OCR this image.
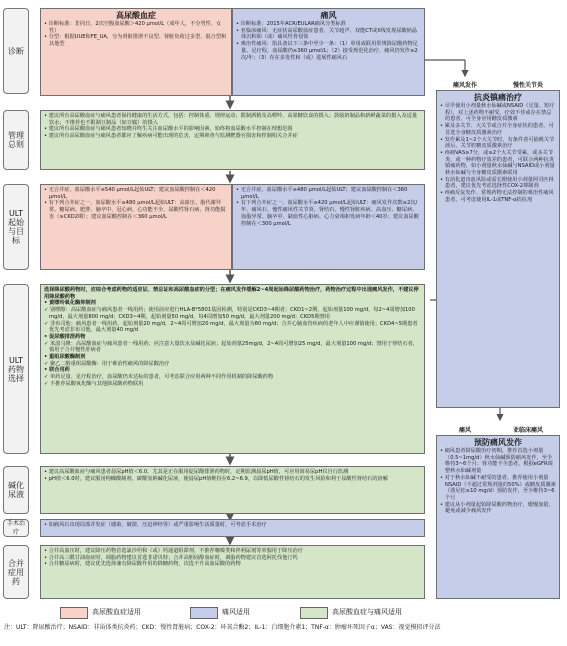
诊断
管理总则
ULT起始与目标
ULT药物选择
碱化尿液
手术治疗
合并症用药
高尿酸血症
• 诊断标准：非同日，2次空腹血尿酸＞420 μmol/L（成年人，不分男性、女性）
• 分型：根据UUE和FE_UA，分为肾脏排泄不良型、肾脏负荷过多型、混合型和其他型
痛风
• 诊断标准：2015年ACR/EULAR痛风分类标准
• 亚临床痛风：无症状高尿酸血症患者，关节超声、双能CT或X线发现尿酸钠晶体沉积和（或）痛风性骨侵蚀
• 难治性痛风：指具备以下三条中至少一条：（1）单用或联用常规降尿酸药物足量、足疗程，血尿酸仍≥360 μmol/L；（2）接受规范化治疗，痛风仍发作≥2次/年；（3）存在多发性和（或）进展性痛风石
• 建议所有高尿酸血症与痛风患者保持健康的生活方式，包括：控制体重、规律运动；限制酒精及高嘌呤、高果糖饮食的摄入；鼓励奶制品和新鲜蔬菜的摄入及适量饮水；不推荐也不限制豆制品（如豆腐）的摄入
• 建议所有高尿酸血症与痛风患者知晓并终生关注血尿酸水平的影响因素，始终将血尿酸水平控制在理想范围
• 建议所有高尿酸血症与痛风患者都应了解疾病可能出现的危害，定期筛查与监测靶器官损害和控制相关合并症
• 无合并症，血尿酸水平≥540 μmol/L起始ULT；建议血尿酸控制在＜420 μmol/L
• 有下列合并症之一，血尿酸水平≥480 μmol/L起始ULT：高血压、脂代谢异常、糖尿病、肥胖、脑卒中、冠心病、心功能不全、尿酸性肾石病、肾功能损害（≥CKD2期）；建议血尿酸控制在＜360 μmol/L
• 无合并症，血尿酸水平≥480 μmol/L起始ULT；建议血尿酸控制在＜360 μmol/L
• 有下列合并症之一，血尿酸水平≥420 μmol/L起始ULT：痛风发作次数≥2次/年、痛风石、慢性痛风性关节炎、肾结石、慢性肾脏疾病、高血压、糖尿病、血脂异常、脑卒中、缺血性心脏病、心力衰竭和发病年龄＜40岁；建议血尿酸控制在＜300 μmol/L
选择降尿酸药物时，应综合考虑药物的适应证、禁忌证和高尿酸血症的分型；在痛风发作缓解2~4周起始降尿酸药物治疗，药物治疗过程中出现痛风发作，不建议停用降尿酸药物
• 黄嘌呤氧化酶抑制剂
✓ 别嘌醇：高尿酸血症与痛风患者一线用药；使用前应进行HLA-B*5801基因检测，特别是CKD3~4期者；CKD1~2期，起始剂量100 mg/d，每2~4周增加100 mg/d，最大剂量800 mg/d；CKD3~4期，起始剂量50 mg/d，每4周增加50 mg/d，最大剂量200 mg/d；CKD5期禁用
✓ 非布司他：痛风患者一线用药，起始剂量20 mg/d，2~4周可增加20 mg/d，最大剂量为80 mg/d；合并心脑血管疾病的老年人中应谨慎使用；CKD4~5期患者优先考虑非布司他，最大剂量40 mg/d
• 促尿酸排泄药物
✓ 苯溴马隆：高尿酸血症与痛风患者一线用药；应注意大量饮水及碱化尿液；起始剂量25mg/d，2~4周可增加25 mg/d，最大剂量100 mg/d；禁用于肾结石者，慎用于合并慢性肝病者
• 重组尿酸酶制剂
✓ 聚乙二醇重组尿酸酶：用于难治性痛风的降尿酸治疗
• 联合用药
✓ 单药足量、足疗程治疗，血尿酸仍未达标的患者，可考虑联合应用两种不同作用机制的降尿酸药物
✓ 不推荐尿酸氧化酶与其他降尿酸药物联用
• 建议高尿酸血症与痛风患者晨尿pH值＜6.0，尤其是正在服用促尿酸排泄药物时，定期监测晨尿pH值，可应用简易尿pH仪自行监测
• pH值＜6.0时，建议服用枸橼酸制剂、碳酸氢钠碱化尿液，使晨尿pH值维持在6.2~6.9，以降低尿酸性肾结石的发生风险和利于尿酸性肾结石的溶解
• 如痛风石出现局部并发症（感染、破溃、压迫神经等）或严重影响生活质量时，可考虑手术治疗
• 合并高血压时，建议降压药物首选氯沙坦和（或）钙通道阻滞剂，不推荐噻嗪类和袢利尿剂等单独用于降压治疗
• 合并高三酰甘油血症时，调脂药物建议首选非诺贝特；合并高胆固醇血症时，调脂药物建议首选阿托伐他汀钙
• 合并糖尿病时，建议优先选择兼有降尿酸作用的降糖药物，次选不升高血尿酸的药物
痛风发作	慢性关节炎
抗炎镇痛治疗
• 尽早使用小剂量秋水仙碱或NSAID（足量、短疗程），对上述药物不耐受、疗效不佳或存在禁忌的患者，可全身应用糖皮质激素
• 累及多关节、大关节或合并全身症状的患者，可首选全身糖皮质激素治疗
• 发作累及1~2个大关节时，有条件者可抽吸关节液后，关节腔糖皮质激素治疗
• 疼痛VAS≥7分，或≥2个大关节受累，或多关节炎，或一种药物疗效差的患者，可联合两种抗炎镇痛药物，如小剂量秋水仙碱与NSAID或小剂量秋水仙碱与全身糖皮质激素联用
• 有消化道出血风险或需长期使用小剂量阿司匹林患者，建议优先考虑选择性COX-2抑制剂
• 疼痛反复发作、常规药物无法控制的难治性痛风患者，可考虑使用IL-1或TNF-α拮抗剂
痛风	亚临床痛风
预防痛风发作
• 痛风患者降尿酸治疗初期，推荐首选小剂量（0.5~1mg/d）秋水仙碱预防痛风发作，至少维持3~6个月；肾功能不全患者，根据eGFR调整秋水仙碱剂量
• 对于秋水仙碱不耐受的患者，推荐使用小剂量NSAID（不超过常规剂量的50%）或糖皮质激素（泼尼松≤10 mg/d）预防发作，至少维持3~6个月
• 建议从小剂量起始降尿酸药物治疗，缓慢加量，避免或减少痛风发作
高尿酸血症适用	痛风适用	高尿酸血症与痛风适用
注：ULT：降尿酸治疗；NSAID：非甾体类抗炎药；CKD：慢性肾脏病；COX-2：环氧合酶2；IL-1：白细胞介素1；TNF-α：肿瘤坏死因子α；VAS：视觉模拟评分法
